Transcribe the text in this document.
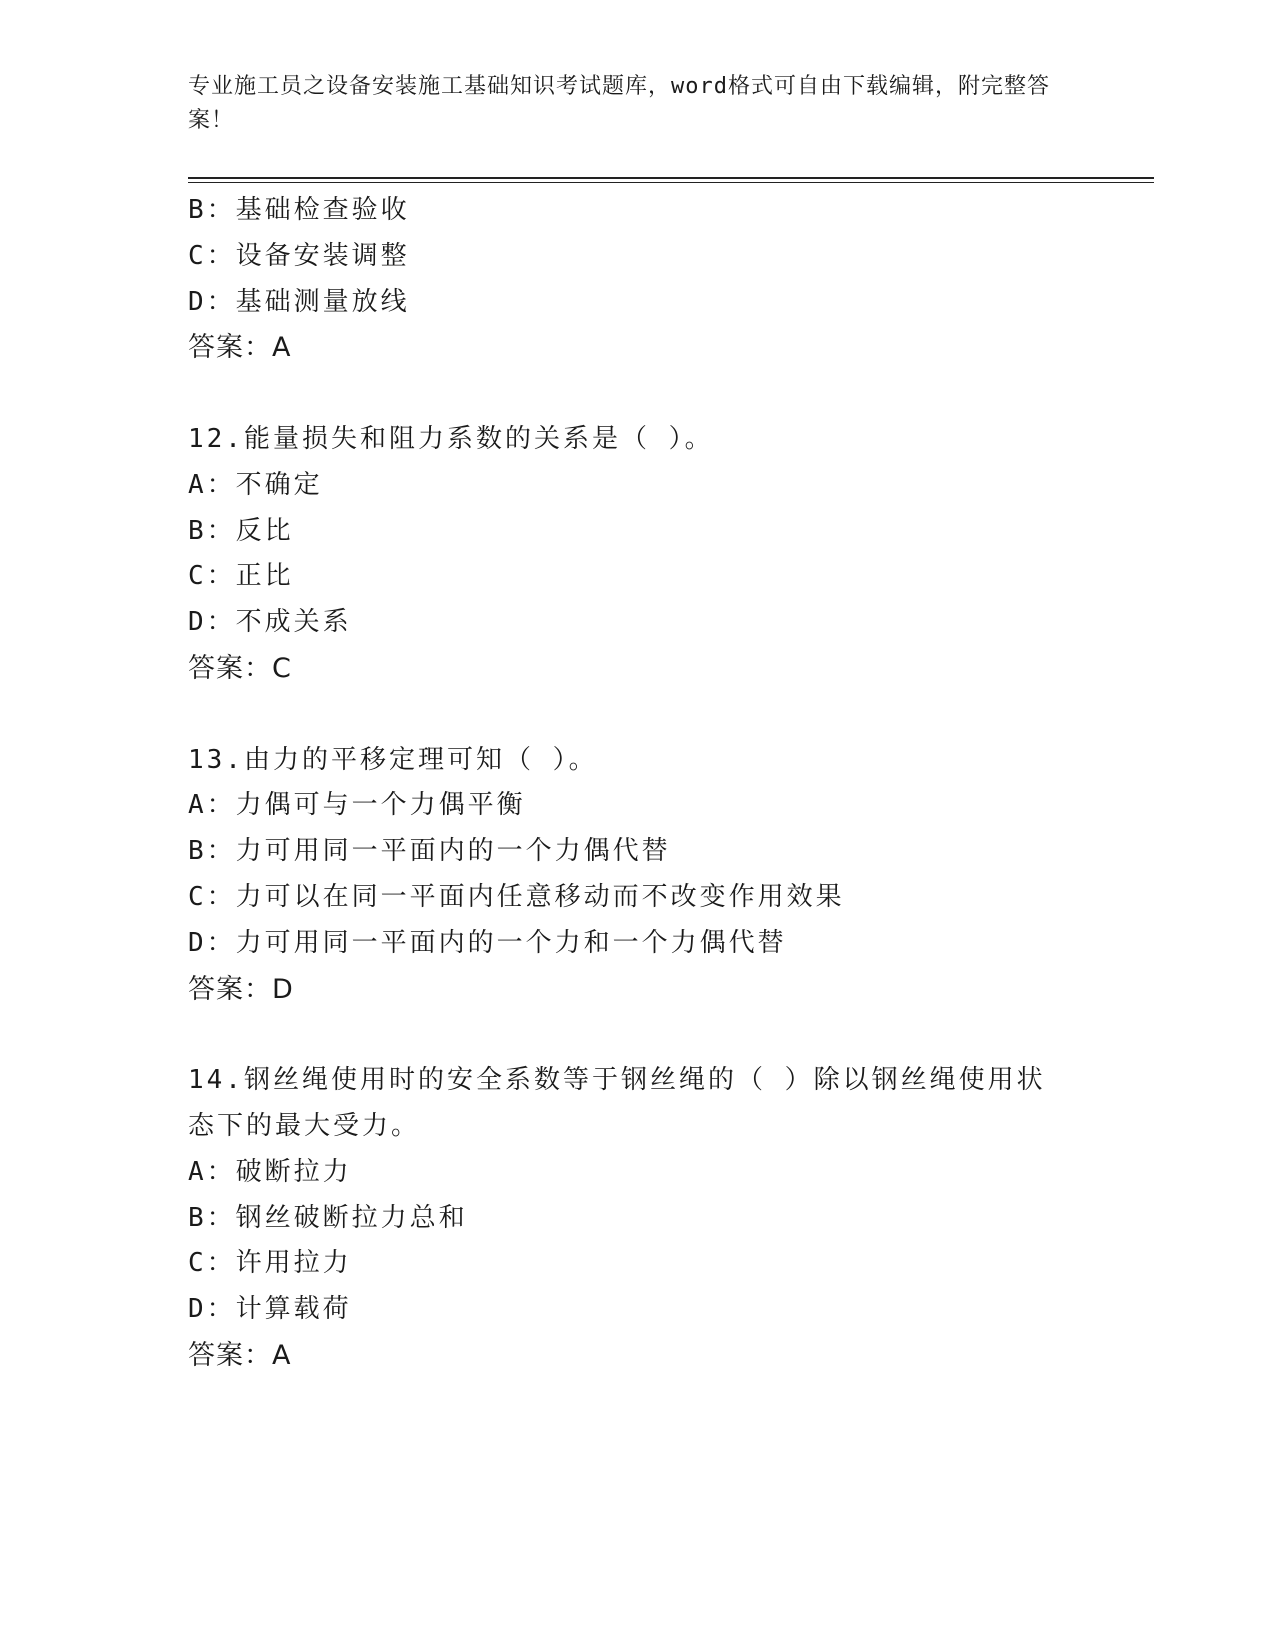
专业施工员之设备安装施工基础知识考试题库，word格式可自由下载编辑，附完整答案！
B：基础检查验收
C：设备安装调整
D：基础测量放线
答案：A
12.能量损失和阻力系数的关系是（ ）。
A：不确定
B：反比
C：正比
D：不成关系
答案：C
13.由力的平移定理可知（ ）。
A：力偶可与一个力偶平衡
B：力可用同一平面内的一个力偶代替
C：力可以在同一平面内任意移动而不改变作用效果
D：力可用同一平面内的一个力和一个力偶代替
答案：D
14.钢丝绳使用时的安全系数等于钢丝绳的（ ）除以钢丝绳使用状态下的最大受力。
A：破断拉力
B：钢丝破断拉力总和
C：许用拉力
D：计算载荷
答案：A
